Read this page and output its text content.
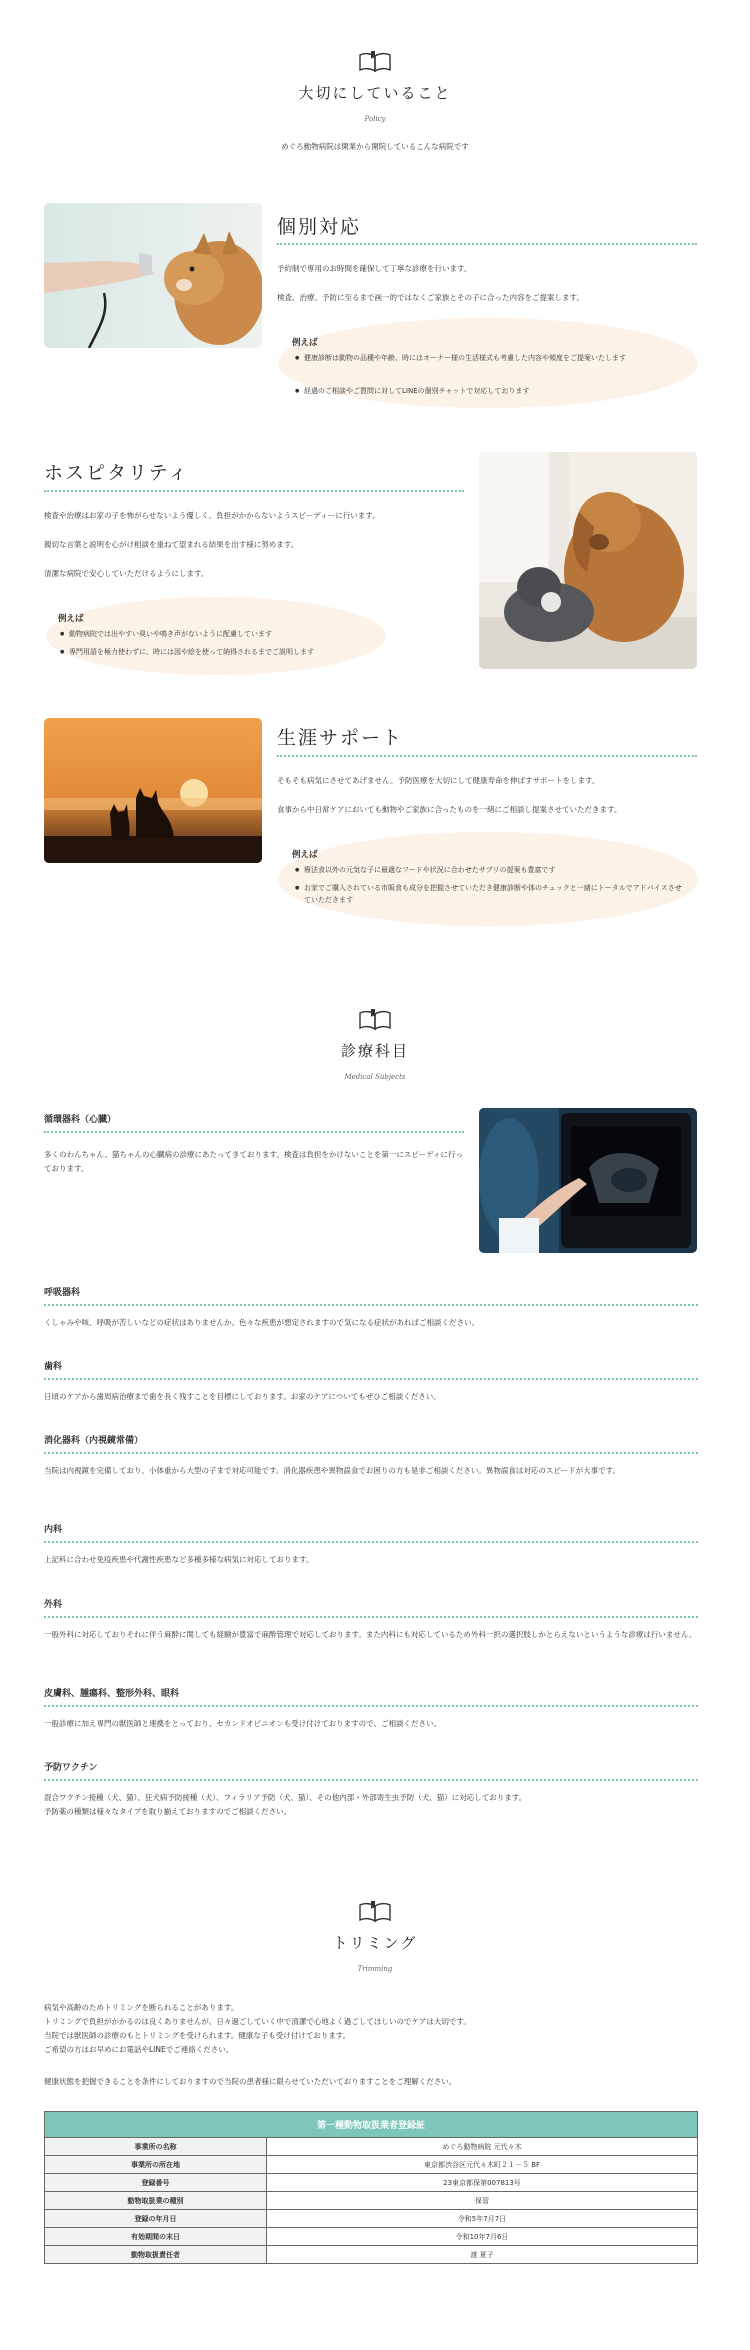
大切にしていること
Policy
めぐろ動物病院は開業から開院しているこんな病院です
個別対応
予約制で専用のお時間を確保して丁寧な診療を行います。
検査、治療、予防に至るまで画一的ではなくご家族とその子に合った内容をご提案します。
例えば
● 健康診断は動物の品種や年齢、時にはオーナー様の生活様式も考慮した内容や頻度をご提案いたします
● 経過のご相談やご質問に対してLINEの個別チャットで対応しております
ホスピタリティ
検査や治療はお家の子を怖がらせないよう優しく、負担がかからないようスピーディーに行います。
親切な言葉と説明を心がけ相談を重ねて望まれる結果を出す様に努めます。
清潔な病院で安心していただけるようにします。
例えば
● 動物病院では出やすい臭いや鳴き声がないように配慮しています
● 専門用語を極力使わずに、時には図や絵を使って納得されるまでご説明します
生涯サポート
そもそも病気にさせてあげません。予防医療を大切にして健康寿命を伸ばすサポートをします。
食事から中日常ケアにおいても動物やご家族に合ったものを一緒にご相談し提案させていただきます。
例えば
● 療法食以外の元気な子に最適なフードや状況に合わせたサプリの提案も豊富です
● お家でご購入されている市販食も成分を把握させていただき健康診断や体のチェックと一緒にトータルでアドバイスさせていただきます
診療科目
Medical Subjects
循環器科（心臓）
多くのわんちゃん、猫ちゃんの心臓病の診療にあたってきております。検査は負担をかけないことを第一にスピーディに行っております。
呼吸器科
くしゃみや咳、呼吸が苦しいなどの症状はありませんか。色々な疾患が想定されますので気になる症状があればご相談ください。
歯科
日頃のケアから歯周病治療まで歯を長く残すことを目標にしております。お家のケアについてもぜひご相談ください。
消化器科（内視鏡常備）
当院は内視鏡を完備しており、小体重から大型の子まで対応可能です。消化器疾患や異物誤食でお困りの方も是非ご相談ください。異物誤食は対応のスピードが大事です。
内科
上記科に合わせ免疫疾患や代謝性疾患など多種多様な病気に対応しております。
外科
一般外科に対応しておりそれに伴う麻酔に関しても経験が豊富で麻酔管理で対応しております。また内科にも対応しているため外科一択の選択肢しかとらえないというような診療は行いません。
皮膚科、腫瘍科、整形外科、眼科
一般診療に加え専門の獣医師と連携をとっており、セカンドオピニオンも受け付けておりますので、ご相談ください。
予防ワクチン
混合ワクチン接種（犬、猫）、狂犬病予防接種（犬）、フィラリア予防（犬、猫）、その他内部・外部寄生虫予防（犬、猫）に対応しております。
予防薬の種類は様々なタイプを取り揃えておりますのでご相談ください。
トリミング
Trimming
病気や高齢のためトリミングを断られることがあります。
トリミングで負担がかかるのは良くありませんが、日々過ごしていく中で清潔で心地よく過ごしてほしいのでケアは大切です。
当院では獣医師の診療のもとトリミングを受けられます。健康な子も受け付けております。
ご希望の方はお早めにお電話やLINEでご連絡ください。
健康状態を把握できることを条件にしておりますので当院の患者様に限らせていただいておりますことをご理解ください。
第一種動物取扱業者登録証	
事業所の名称	めぐろ動物病院 元代々木
事業所の所在地	東京都渋谷区元代々木町２１－５ BF
登録番号	23東京都保第007813号
動物取扱業の種別	保管
登録の年月日	令和5年7月7日
有効期間の末日	令和10年7月6日
動物取扱責任者	渡 夏子
